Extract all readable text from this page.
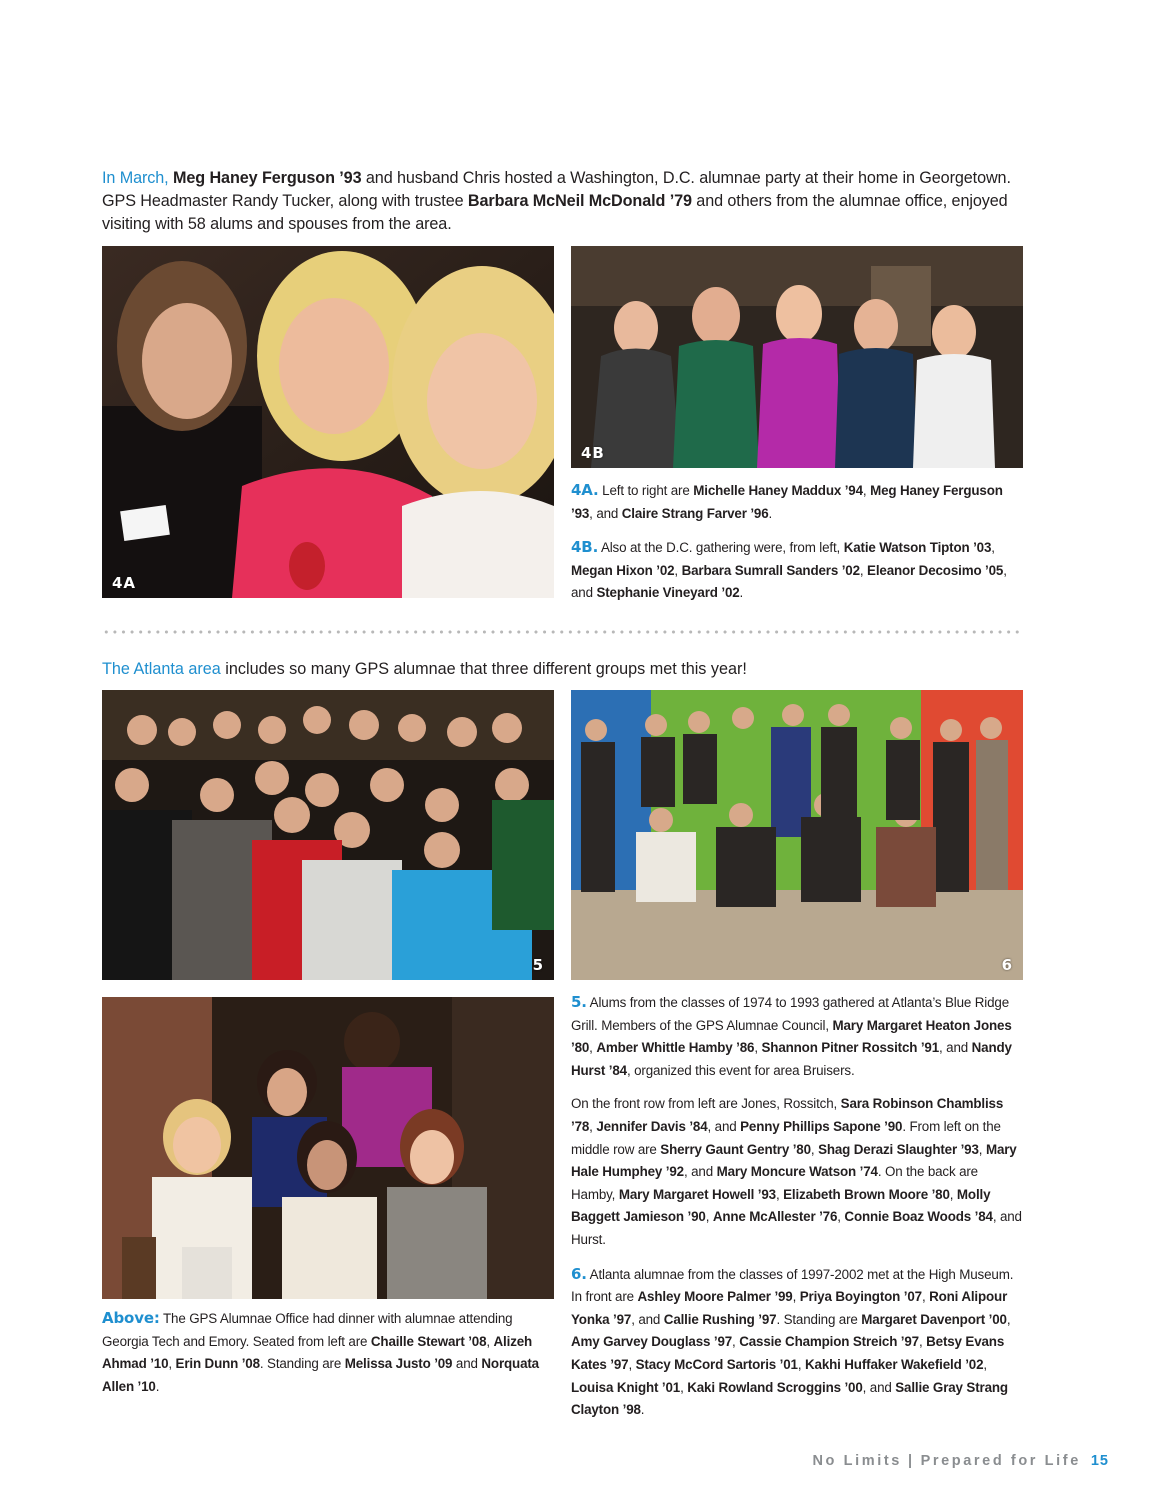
In March, Meg Haney Ferguson ’93 and husband Chris hosted a Washington, D.C. alumnae party at their home in Georgetown. GPS Headmaster Randy Tucker, along with trustee Barbara McNeil McDonald ’79 and others from the alumnae office, enjoyed visiting with 58 alums and spouses from the area.
4A
4B

4A. Left to right are Michelle Haney Maddux ’94, Meg Haney Ferguson ’93, and Claire Strang Farver ’96.

4B. Also at the D.C. gathering were, from left, Katie Watson Tipton ’03, Megan Hixon ’02, Barbara Sumrall Sanders ’02, Eleanor Decosimo ’05, and Stephanie Vineyard ’02.

The Atlanta area includes so many GPS alumnae that three different groups met this year!
5	6

Above: The GPS Alumnae Office had dinner with alumnae attending Georgia Tech and Emory. Seated from left are Chaille Stewart ’08, Alizeh Ahmad ’10, Erin Dunn ’08. Standing are Melissa Justo ’09 and Norquata Allen ’10.

5. Alums from the classes of 1974 to 1993 gathered at Atlanta’s Blue Ridge Grill. Members of the GPS Alumnae Council, Mary Margaret Heaton Jones ’80, Amber Whittle Hamby ’86, Shannon Pitner Rossitch ’91, and Nandy Hurst ’84, organized this event for area Bruisers.

On the front row from left are Jones, Rossitch, Sara Robinson Chambliss ’78, Jennifer Davis ’84, and Penny Phillips Sapone ’90. From left on the middle row are Sherry Gaunt Gentry ’80, Shag Derazi Slaughter ’93, Mary Hale Humphey ’92, and Mary Moncure Watson ’74. On the back are Hamby, Mary Margaret Howell ’93, Elizabeth Brown Moore ’80, Molly Baggett Jamieson ’90, Anne McAllester ’76, Connie Boaz Woods ’84, and Hurst.

6. Atlanta alumnae from the classes of 1997-2002 met at the High Museum. In front are Ashley Moore Palmer ’99, Priya Boyington ’07, Roni Alipour Yonka ’97, and Callie Rushing ’97. Standing are Margaret Davenport ’00, Amy Garvey Douglass ’97, Cassie Champion Streich ’97, Betsy Evans Kates ’97, Stacy McCord Sartoris ’01, Kakhi Huffaker Wakefield ’02, Louisa Knight ’01, Kaki Rowland Scroggins ’00, and Sallie Gray Strang Clayton ’98.

No Limits | Prepared for Life 15
